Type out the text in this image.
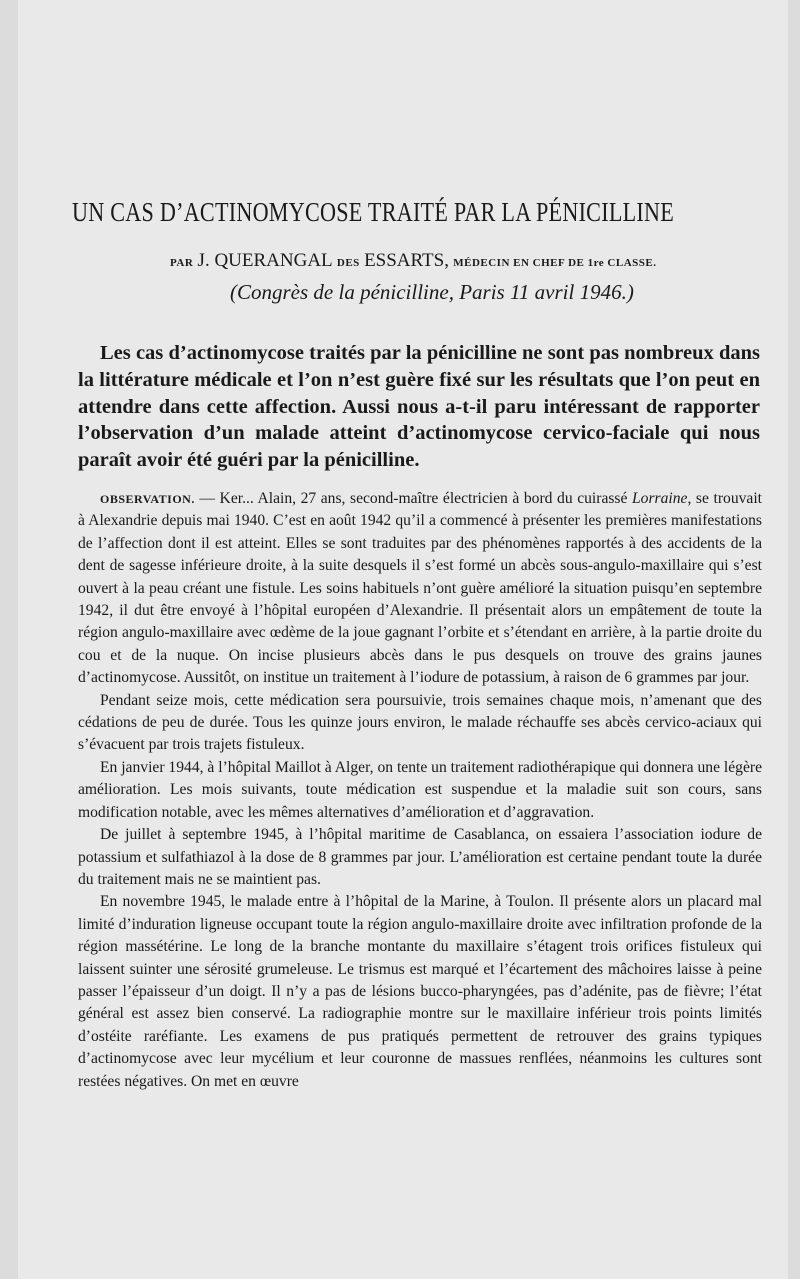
UN CAS D’ACTINOMYCOSE TRAITÉ PAR LA PÉNICILLINE
PAR J. QUERANGAL DES ESSARTS, MÉDECIN EN CHEF DE 1re CLASSE.
(Congrès de la pénicilline, Paris 11 avril 1946.)

Les cas d’actinomycose traités par la pénicilline ne sont pas nombreux dans la littérature médicale et l’on n’est guère fixé sur les résultats que l’on peut en attendre dans cette affection. Aussi nous a-t-il paru intéressant de rapporter l’observation d’un malade atteint d’actinomycose cervico-faciale qui nous paraît avoir été guéri par la pénicilline.

OBSERVATION. — Ker... Alain, 27 ans, second-maître électricien à bord du cuirassé Lorraine, se trouvait à Alexandrie depuis mai 1940. C’est en août 1942 qu’il a commencé à présenter les premières manifestations de l’affection dont il est atteint. Elles se sont traduites par des phénomènes rapportés à des accidents de la dent de sagesse inférieure droite, à la suite desquels il s’est formé un abcès sous-angulo-maxillaire qui s’est ouvert à la peau créant une fistule. Les soins habituels n’ont guère amélioré la situation puisqu’en septembre 1942, il dut être envoyé à l’hôpital européen d’Alexandrie. Il présentait alors un empâtement de toute la région angulo-maxillaire avec œdème de la joue gagnant l’orbite et s’étendant en arrière, à la partie droite du cou et de la nuque. On incise plusieurs abcès dans le pus desquels on trouve des grains jaunes d’actinomycose. Aussitôt, on institue un traitement à l’iodure de potassium, à raison de 6 grammes par jour.

Pendant seize mois, cette médication sera poursuivie, trois semaines chaque mois, n’amenant que des cédations de peu de durée. Tous les quinze jours environ, le malade réchauffe ses abcès cervico-aciaux qui s’évacuent par trois trajets fistuleux.

En janvier 1944, à l’hôpital Maillot à Alger, on tente un traitement radiothérapique qui donnera une légère amélioration. Les mois suivants, toute médication est suspendue et la maladie suit son cours, sans modification notable, avec les mêmes alternatives d’amélioration et d’aggravation.

De juillet à septembre 1945, à l’hôpital maritime de Casablanca, on essaiera l’association iodure de potassium et sulfathiazol à la dose de 8 grammes par jour. L’amélioration est certaine pendant toute la durée du traitement mais ne se maintient pas.

En novembre 1945, le malade entre à l’hôpital de la Marine, à Toulon. Il présente alors un placard mal limité d’induration ligneuse occupant toute la région angulo-maxillaire droite avec infiltration profonde de la région massétérine. Le long de la branche montante du maxillaire s’étagent trois orifices fistuleux qui laissent suinter une sérosité grumeleuse. Le trismus est marqué et l’écartement des mâchoires laisse à peine passer l’épaisseur d’un doigt. Il n’y a pas de lésions bucco-pharyngées, pas d’adénite, pas de fièvre; l’état général est assez bien conservé. La radiographie montre sur le maxillaire inférieur trois points limités d’ostéite raréfiante. Les examens de pus pratiqués permettent de retrouver des grains typiques d’actinomycose avec leur mycélium et leur couronne de massues renflées, néanmoins les cultures sont restées négatives. On met en œuvre
